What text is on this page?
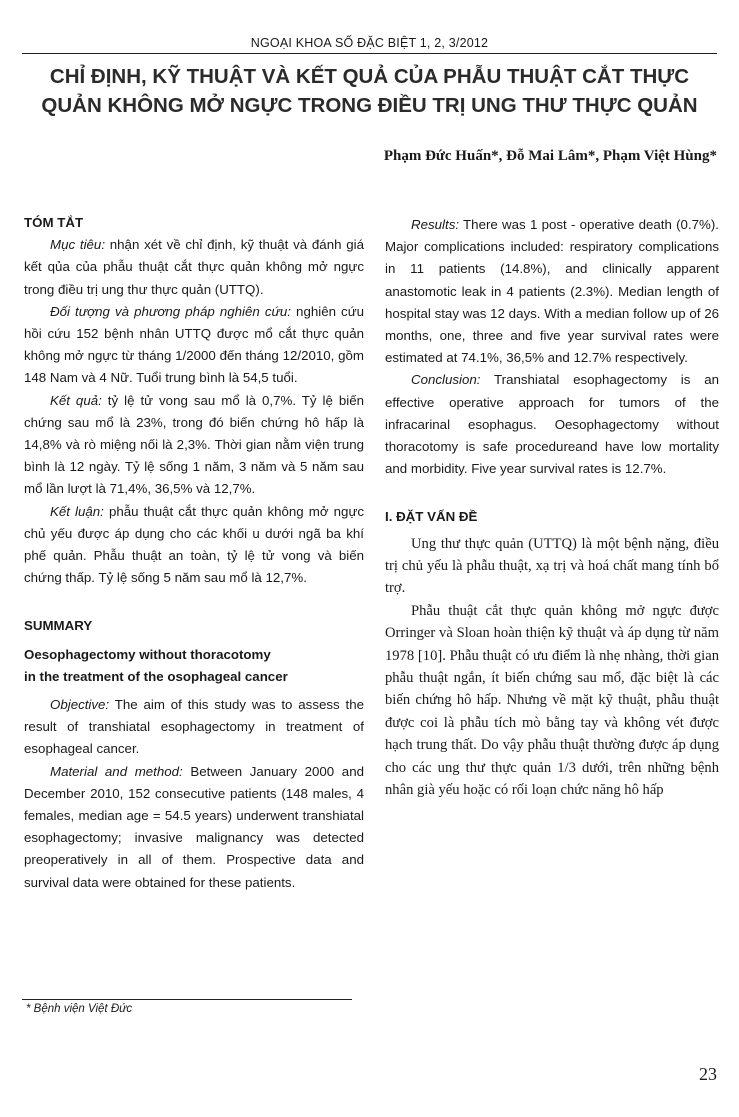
NGOẠI KHOA SỐ ĐẶC BIỆT 1, 2, 3/2012
CHỈ ĐỊNH, KỸ THUẬT VÀ KẾT QUẢ CỦA PHẪU THUẬT CẮT THỰC
QUẢN KHÔNG MỞ NGỰC TRONG ĐIỀU TRỊ UNG THƯ THỰC QUẢN
Phạm Đức Huấn*, Đỗ Mai Lâm*, Phạm Việt Hùng*

TÓM TẮT

Mục tiêu: nhận xét về chỉ định, kỹ thuật và đánh giá kết qủa của phẫu thuật cắt thực quản không mở ngực trong điều trị ung thư thực quản (UTTQ).

Đối tượng và phương pháp nghiên cứu: nghiên cứu hồi cứu 152 bệnh nhân UTTQ được mổ cắt thực quản không mở ngực từ tháng 1/2000 đến tháng 12/2010, gồm 148 Nam và 4 Nữ. Tuổi trung bình là 54,5 tuổi.

Kết quả: tỷ lệ tử vong sau mổ là 0,7%. Tỷ lệ biến chứng sau mổ là 23%, trong đó biến chứng hô hấp là 14,8% và rò miệng nối là 2,3%. Thời gian nằm viện trung bình là 12 ngày. Tỷ lệ sống 1 năm, 3 năm và 5 năm sau mổ lần lượt là 71,4%, 36,5% và 12,7%.

Kết luận: phẫu thuật cắt thực quản không mở ngực chủ yếu được áp dụng cho các khối u dưới ngã ba khí phế quản. Phẫu thuật an toàn, tỷ lệ tử vong và biến chứng thấp. Tỷ lệ sống 5 năm sau mổ là 12,7%.

SUMMARY

Oesophagectomy without thoracotomy

in the treatment of the osophageal cancer

Objective: The aim of this study was to assess the result of transhiatal esophagectomy in treatment of esophageal cancer.

Material and method: Between January 2000 and December 2010, 152 consecutive patients (148 males, 4 females, median age = 54.5 years) underwent transhiatal esophagectomy; invasive malignancy was detected preoperatively in all of them. Prospective data and survival data were obtained for these patients.

Results: There was 1 post - operative death (0.7%). Major complications included: respiratory complications in 11 patients (14.8%), and clinically apparent anastomotic leak in 4 patients (2.3%). Median length of hospital stay was 12 days. With a median follow up of 26 months, one, three and five year survival rates were estimated at 74.1%, 36,5% and 12.7% respectively.

Conclusion: Transhiatal esophagectomy is an effective operative approach for tumors of the infracarinal esophagus. Oesophagectomy without thoracotomy is safe procedureand have low mortality and morbidity. Five year survival rates is 12.7%.

I. ĐẶT VẤN ĐỀ

Ung thư thực quản (UTTQ) là một bệnh nặng, điều trị chủ yếu là phẫu thuật, xạ trị và hoá chất mang tính bổ trợ.

Phẫu thuật cắt thực quản không mở ngực được Orringer và Sloan hoàn thiện kỹ thuật và áp dụng từ năm 1978 [10]. Phẫu thuật có ưu điểm là nhẹ nhàng, thời gian phẫu thuật ngắn, ít biến chứng sau mổ, đặc biệt là các biến chứng hô hấp. Nhưng về mặt kỹ thuật, phẫu thuật được coi là phẫu tích mò bằng tay và không vét được hạch trung thất. Do vậy phẫu thuật thường được áp dụng cho các ung thư thực quản 1/3 dưới, trên những bệnh nhân già yếu hoặc có rối loạn chức năng hô hấp

* Bệnh viện Việt Đức
23
